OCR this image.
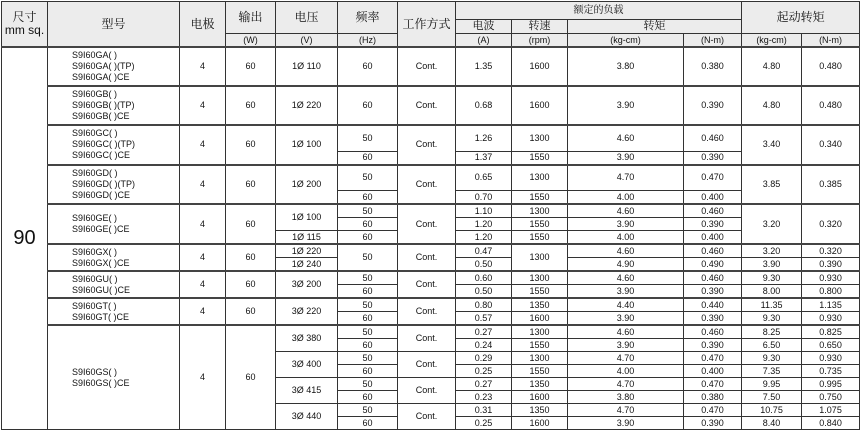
尺寸
mm sq.	型号	电极	输出	电压	频率	工作方式	额定的负载				起动转矩	
							电波	转速	转矩				
			(W)	(V)	(Hz)		(A)	(rpm)	(kg-cm)	(N-m)	(kg-cm)	(N-m)	
90	S9I60GA( )
S9I60GA( )(TP)
S9I60GA( )CE	4	60	1Ø 110	60	Cont.	1.35	1600	3.80	0.380	4.80	0.480	

	S9I60GB( )
S9I60GB( )(TP)
S9I60GB( )CE	4	60	1Ø 220	60	Cont.	0.68	1600	3.90	0.390	4.80	0.480	

	S9I60GC( )
S9I60GC( )(TP)
S9I60GC( )CE	4	60	1Ø 100	50	Cont.	1.26	1300	4.60	0.460	3.40	0.340	

					60		1.37	1550	3.90	0.390			

	S9I60GD( )
S9I60GD( )(TP)
S9I60GD( )CE	4	60	1Ø 200	50	Cont.	0.65	1300	4.70	0.470	3.85	0.385	

					60		0.70	1550	4.00	0.400			

	S9I60GE( )
S9I60GE( )CE	4	60	1Ø 100	50	Cont.	1.10	1300	4.60	0.460	3.20	0.320	
					60		1.20	1550	3.90	0.390			
				1Ø 115	60		1.20	1550	4.00	0.400	

	S9I60GX( )
S9I60GX( )CE	4	60	1Ø 220	50	Cont.	0.47	1300	4.60	0.460	3.20	0.320	
				1Ø 240			0.50		4.90	0.490	3.90	0.390	

	S9I60GU( )
S9I60GU( )CE	4	60	3Ø 200	50	Cont.	0.60	1300	4.60	0.460	9.30	0.930	
					60		0.50	1550	3.90	0.390	8.00	0.800	

	S9I60GT( )
S9I60GT( )CE	4	60	3Ø 220	50	Cont.	0.80	1350	4.40	0.440	11.35	1.135	
					60		0.57	1600	3.90	0.390	9.30	0.930	

	S9I60GS( )
S9I60GS( )CE	4	60	3Ø 380	50	Cont.	0.27	1300	4.60	0.460	8.25	0.825	
					60		0.24	1550	3.90	0.390	6.50	0.650	
				3Ø 400	50	Cont.	0.29	1300	4.70	0.470	9.30	0.930	
					60		0.25	1550	4.00	0.400	7.35	0.735	
				3Ø 415	50	Cont.	0.27	1350	4.70	0.470	9.95	0.995	
					60		0.23	1600	3.80	0.380	7.50	0.750	
				3Ø 440	50	Cont.	0.31	1350	4.70	0.470	10.75	1.075	
					60		0.25	1600	3.90	0.390	8.40	0.840	
